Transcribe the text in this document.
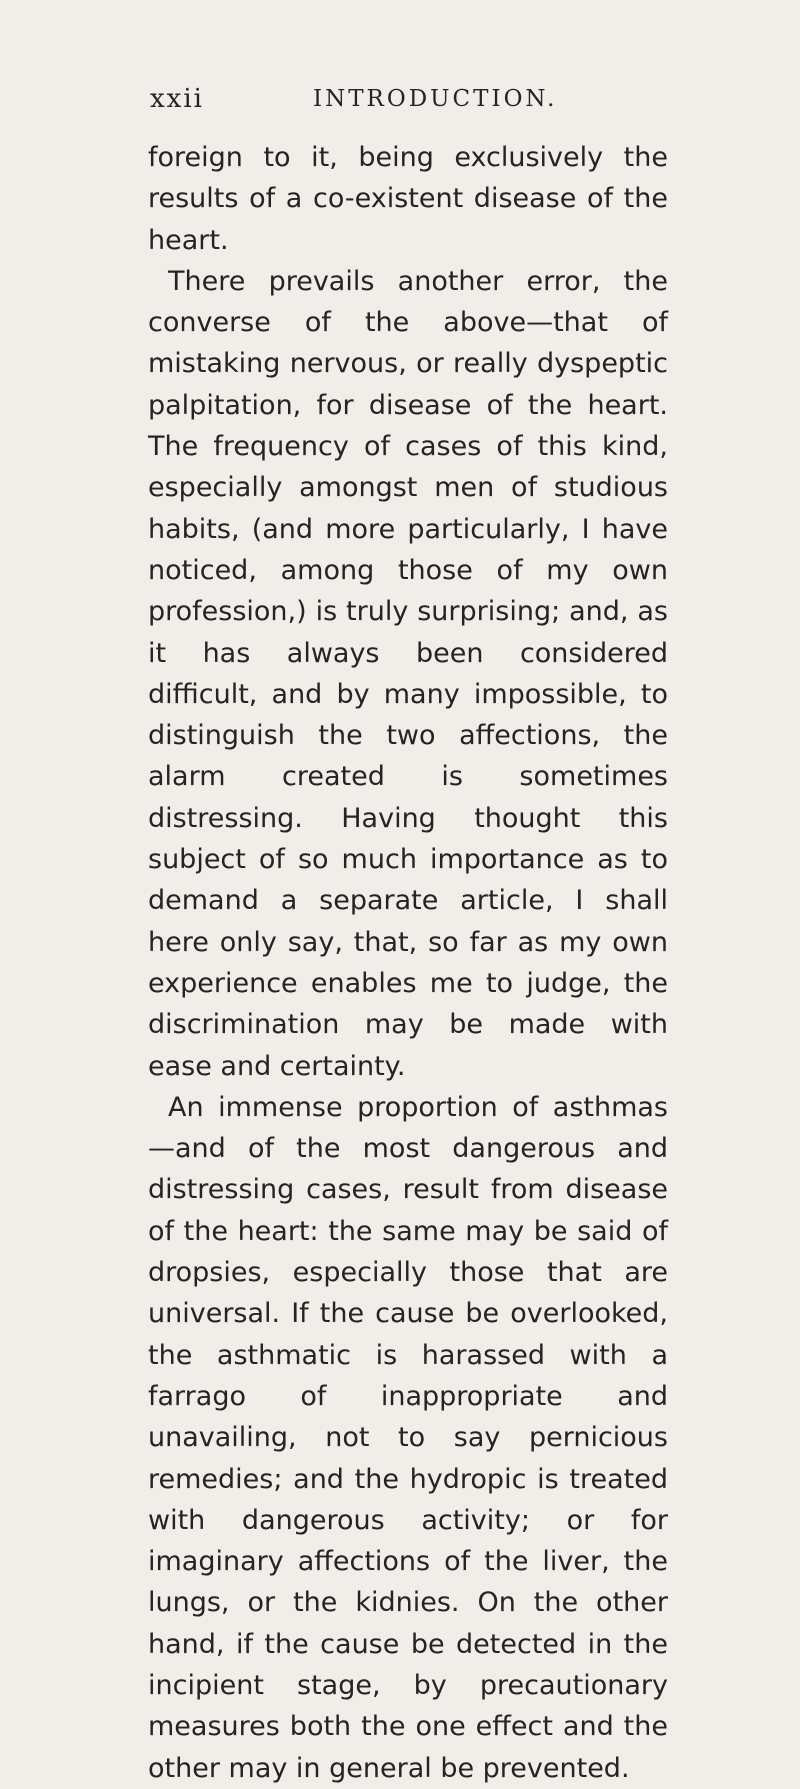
xxii	INTRODUCTION.

foreign to it, being exclusively the results of a co-existent disease of the heart.

There prevails another error, the converse of the above—that of mistaking nervous, or really dyspeptic palpitation, for disease of the heart. The frequency of cases of this kind, especially amongst men of studious habits, (and more particularly, I have noticed, among those of my own profession,) is truly surprising; and, as it has always been considered difficult, and by many impossible, to distinguish the two affections, the alarm created is sometimes distressing. Having thought this subject of so much importance as to demand a separate article, I shall here only say, that, so far as my own experience enables me to judge, the discrimination may be made with ease and certainty.

An immense proportion of asthmas—and of the most dangerous and distressing cases, result from disease of the heart: the same may be said of dropsies, especially those that are universal. If the cause be overlooked, the asthmatic is harassed with a farrago of inappropriate and unavailing, not to say pernicious remedies; and the hydropic is treated with dangerous activity; or for imaginary affections of the liver, the lungs, or the kidnies. On the other hand, if the cause be detected in the incipient stage, by precautionary measures both the one effect and the other may in general be prevented.
